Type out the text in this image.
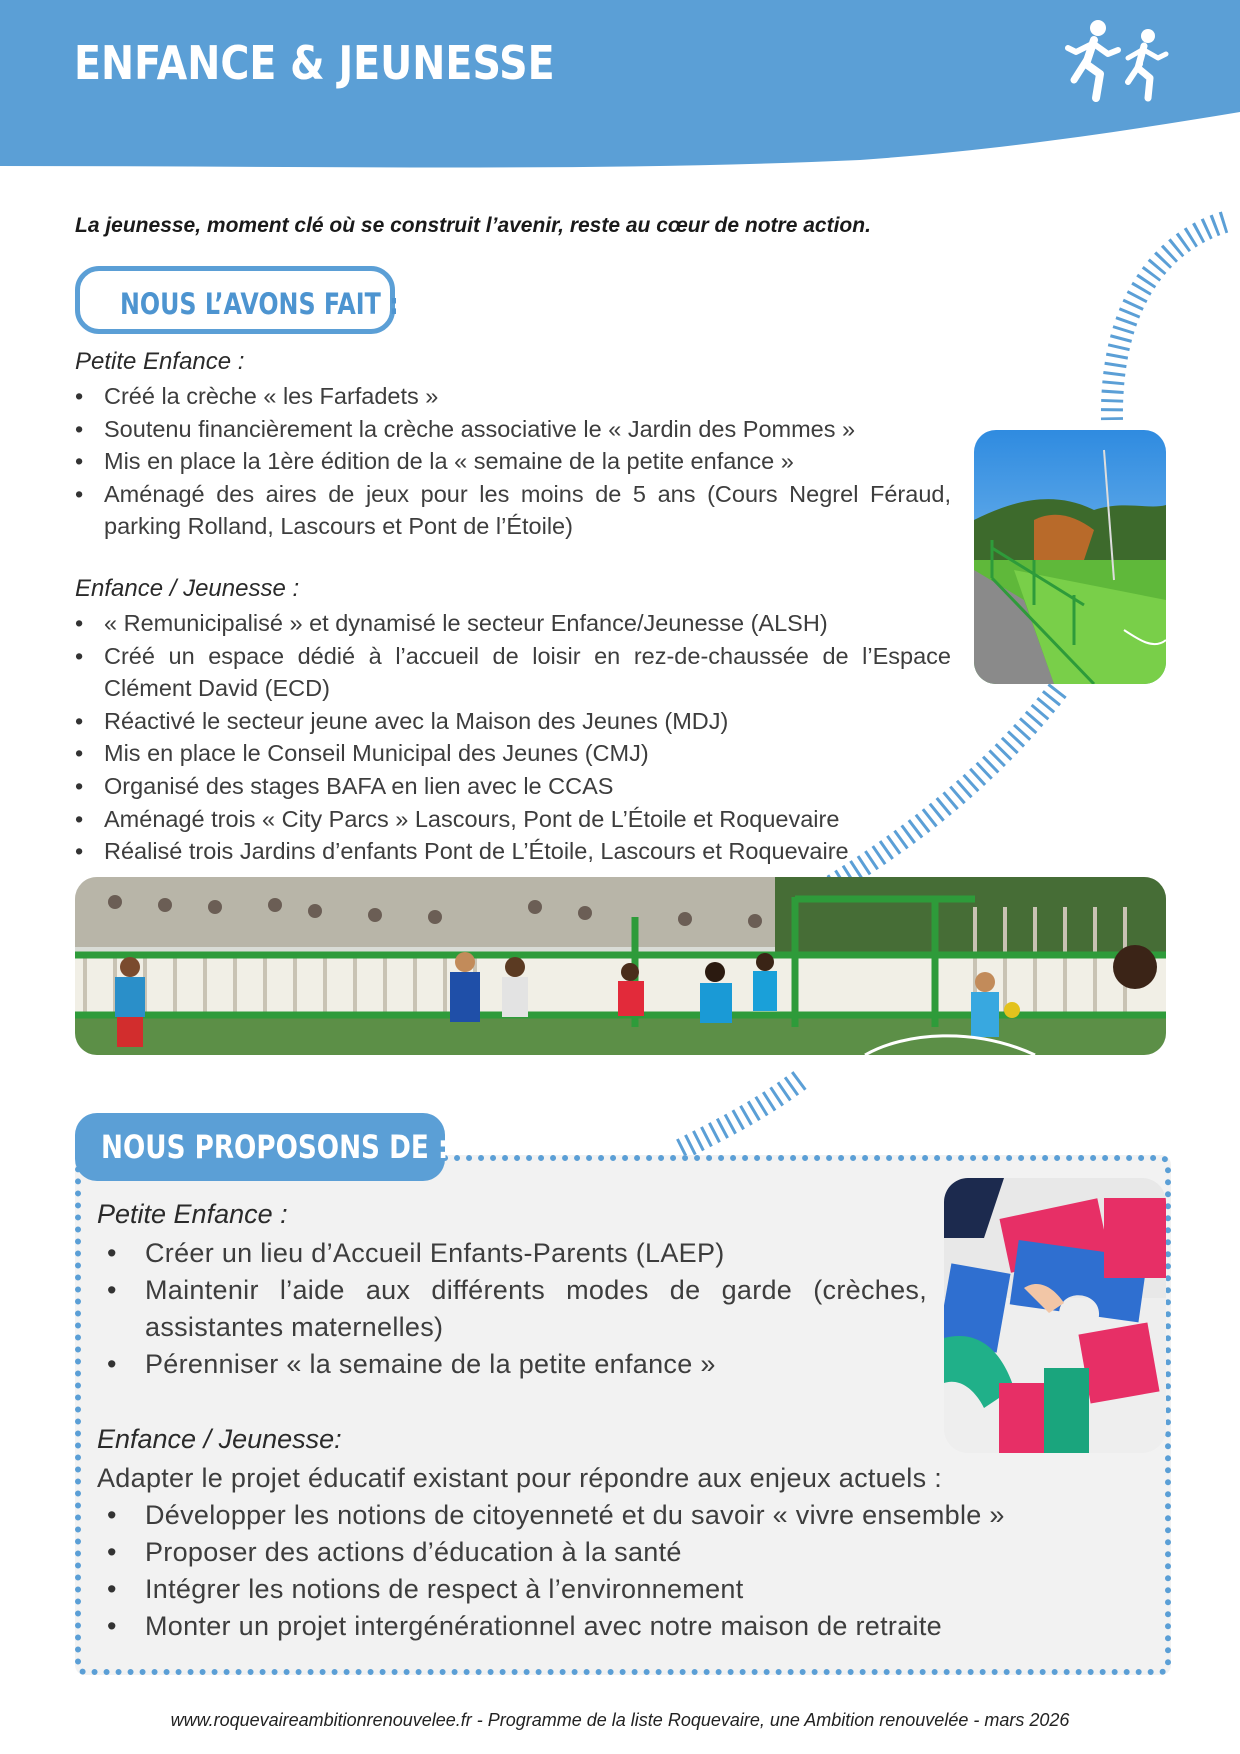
ENFANCE & JEUNESSE
La jeunesse, moment clé où se construit l’avenir, reste au cœur de notre action.
NOUS L’AVONS FAIT :
Petite Enfance :
• Créé la crèche « les Farfadets »
• Soutenu financièrement la crèche associative le « Jardin des Pommes »
• Mis en place la 1ère édition de la « semaine de la petite enfance »
• Aménagé des aires de jeux pour les moins de 5 ans (Cours Negrel Féraud, parking Rolland, Lascours et Pont de l’Étoile)
Enfance / Jeunesse :
• « Remunicipalisé » et dynamisé le secteur Enfance/Jeunesse (ALSH)
• Créé un espace dédié à l’accueil de loisir en rez-de-chaussée de l’Espace Clément David (ECD)
• Réactivé le secteur jeune avec la Maison des Jeunes (MDJ)
• Mis en place le Conseil Municipal des Jeunes (CMJ)
• Organisé des stages BAFA en lien avec le CCAS
• Aménagé trois « City Parcs » Lascours, Pont de L’Étoile et Roquevaire
• Réalisé trois Jardins d’enfants Pont de L’Étoile, Lascours et Roquevaire
NOUS PROPOSONS DE :
Petite Enfance :
• Créer un lieu d’Accueil Enfants-Parents (LAEP)
• Maintenir l’aide aux différents modes de garde (crèches, assistantes maternelles)
• Pérenniser « la semaine de la petite enfance »
Enfance / Jeunesse:
Adapter le projet éducatif existant pour répondre aux enjeux actuels :
• Développer les notions de citoyenneté et du savoir « vivre ensemble »
• Proposer des actions d’éducation à la santé
• Intégrer les notions de respect à l’environnement
• Monter un projet intergénérationnel avec notre maison de retraite
www.roquevaireambitionrenouvelee.fr - Programme de la liste Roquevaire, une Ambition renouvelée - mars 2026
